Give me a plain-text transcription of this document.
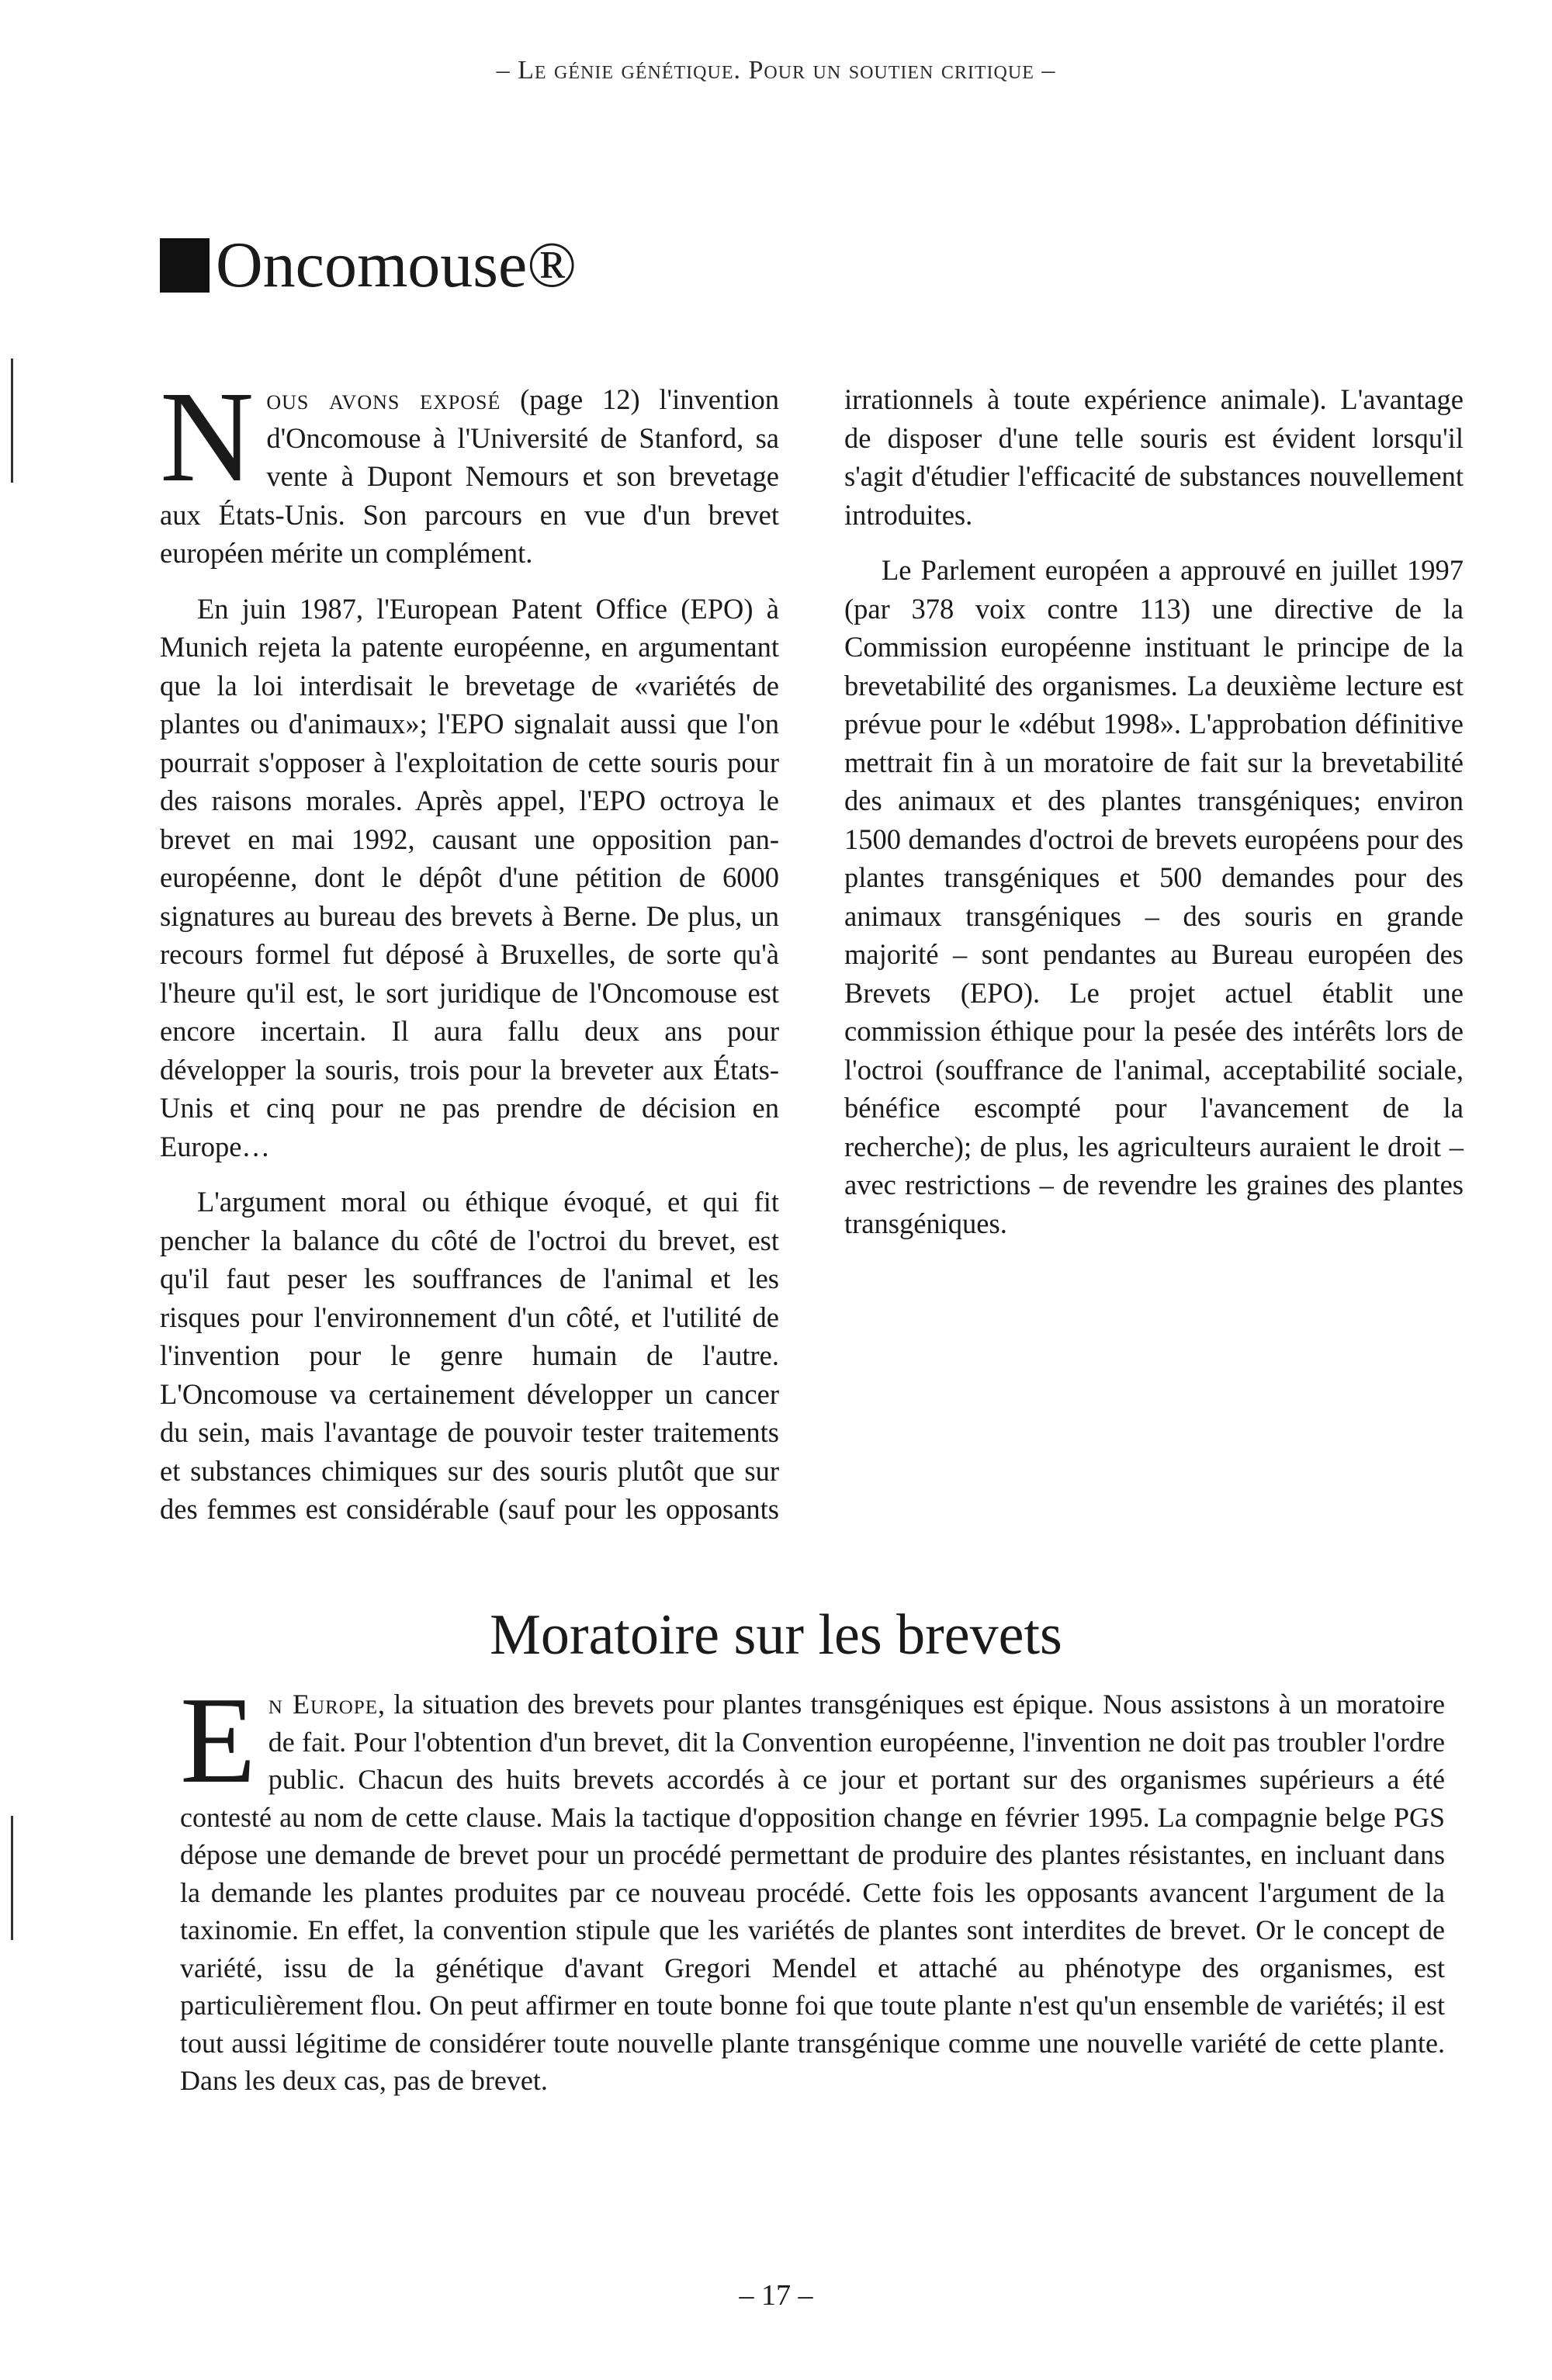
– Le génie génétique. Pour un soutien critique –
Oncomouse®

Nous avons exposé (page 12) l'invention d'Oncomouse à l'Université de Stanford, sa vente à Dupont Nemours et son brevetage aux États-Unis. Son parcours en vue d'un brevet européen mérite un complément.

En juin 1987, l'European Patent Office (EPO) à Munich rejeta la patente européenne, en argumentant que la loi interdisait le brevetage de «variétés de plantes ou d'animaux»; l'EPO signalait aussi que l'on pourrait s'opposer à l'exploitation de cette souris pour des raisons morales. Après appel, l'EPO octroya le brevet en mai 1992, causant une opposition pan-européenne, dont le dépôt d'une pétition de 6000 signatures au bureau des brevets à Berne. De plus, un recours formel fut déposé à Bruxelles, de sorte qu'à l'heure qu'il est, le sort juridique de l'Oncomouse est encore incertain. Il aura fallu deux ans pour développer la souris, trois pour la breveter aux États-Unis et cinq pour ne pas prendre de décision en Europe…

L'argument moral ou éthique évoqué, et qui fit pencher la balance du côté de l'octroi du brevet, est qu'il faut peser les souffrances de l'animal et les risques pour l'environnement d'un côté, et l'utilité de l'invention pour le genre humain de l'autre. L'Oncomouse va certainement développer un cancer du sein, mais l'avantage de pouvoir tester traitements et substances chimiques sur des souris plutôt que sur des femmes est considérable (sauf pour les opposants irrationnels à toute expérience animale). L'avantage de disposer d'une telle souris est évident lorsqu'il s'agit d'étudier l'efficacité de substances nouvellement introduites.

Le Parlement européen a approuvé en juillet 1997 (par 378 voix contre 113) une directive de la Commission européenne instituant le principe de la brevetabilité des organismes. La deuxième lecture est prévue pour le «début 1998». L'approbation définitive mettrait fin à un moratoire de fait sur la brevetabilité des animaux et des plantes transgéniques; environ 1500 demandes d'octroi de brevets européens pour des plantes transgéniques et 500 demandes pour des animaux transgéniques – des souris en grande majorité – sont pendantes au Bureau européen des Brevets (EPO). Le projet actuel établit une commission éthique pour la pesée des intérêts lors de l'octroi (souffrance de l'animal, acceptabilité sociale, bénéfice escompté pour l'avancement de la recherche); de plus, les agriculteurs auraient le droit – avec restrictions – de revendre les graines des plantes transgéniques.

Moratoire sur les brevets

En Europe, la situation des brevets pour plantes transgéniques est épique. Nous assistons à un moratoire de fait. Pour l'obtention d'un brevet, dit la Convention européenne, l'invention ne doit pas troubler l'ordre public. Chacun des huits brevets accordés à ce jour et portant sur des organismes supérieurs a été contesté au nom de cette clause. Mais la tactique d'opposition change en février 1995. La compagnie belge PGS dépose une demande de brevet pour un procédé permettant de produire des plantes résistantes, en incluant dans la demande les plantes produites par ce nouveau procédé. Cette fois les opposants avancent l'argument de la taxinomie. En effet, la convention stipule que les variétés de plantes sont interdites de brevet. Or le concept de variété, issu de la génétique d'avant Gregori Mendel et attaché au phénotype des organismes, est particulièrement flou. On peut affirmer en toute bonne foi que toute plante n'est qu'un ensemble de variétés; il est tout aussi légitime de considérer toute nouvelle plante transgénique comme une nouvelle variété de cette plante. Dans les deux cas, pas de brevet.

– 17 –
